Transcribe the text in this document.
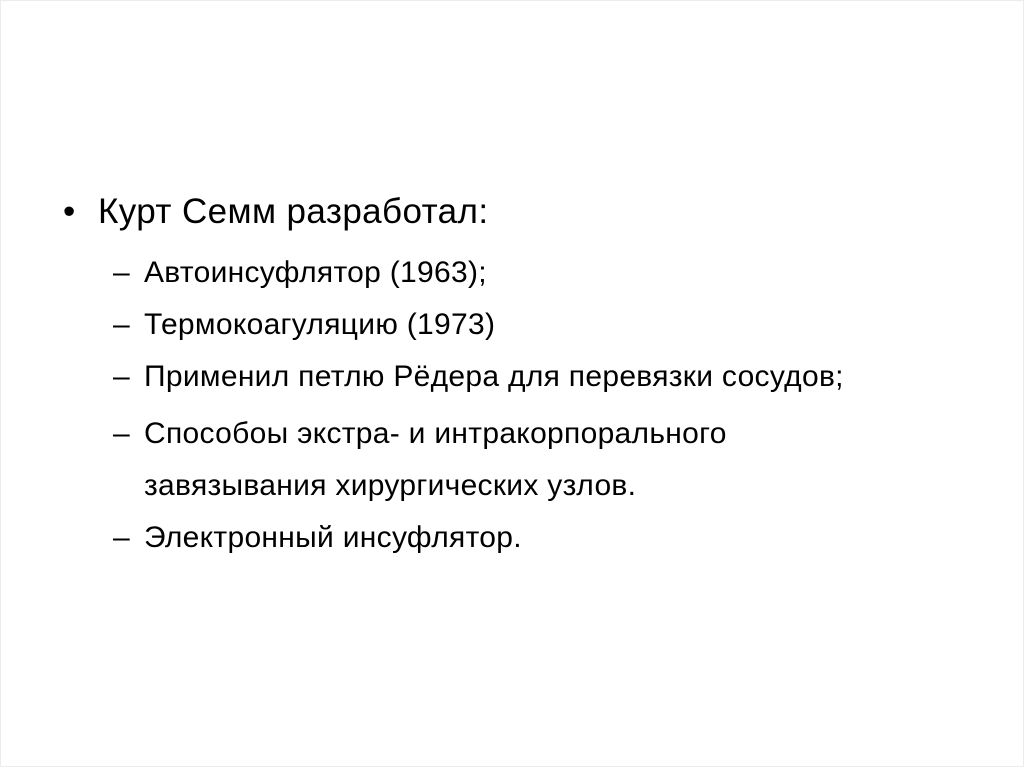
• Курт Семм разработал:
– Автоинсуфлятор (1963);
– Термокоагуляцию (1973)
– Применил петлю Рёдера для перевязки сосудов;
– Способоы экстра- и интракорпорального
завязывания хирургических узлов.
– Электронный инсуфлятор.
